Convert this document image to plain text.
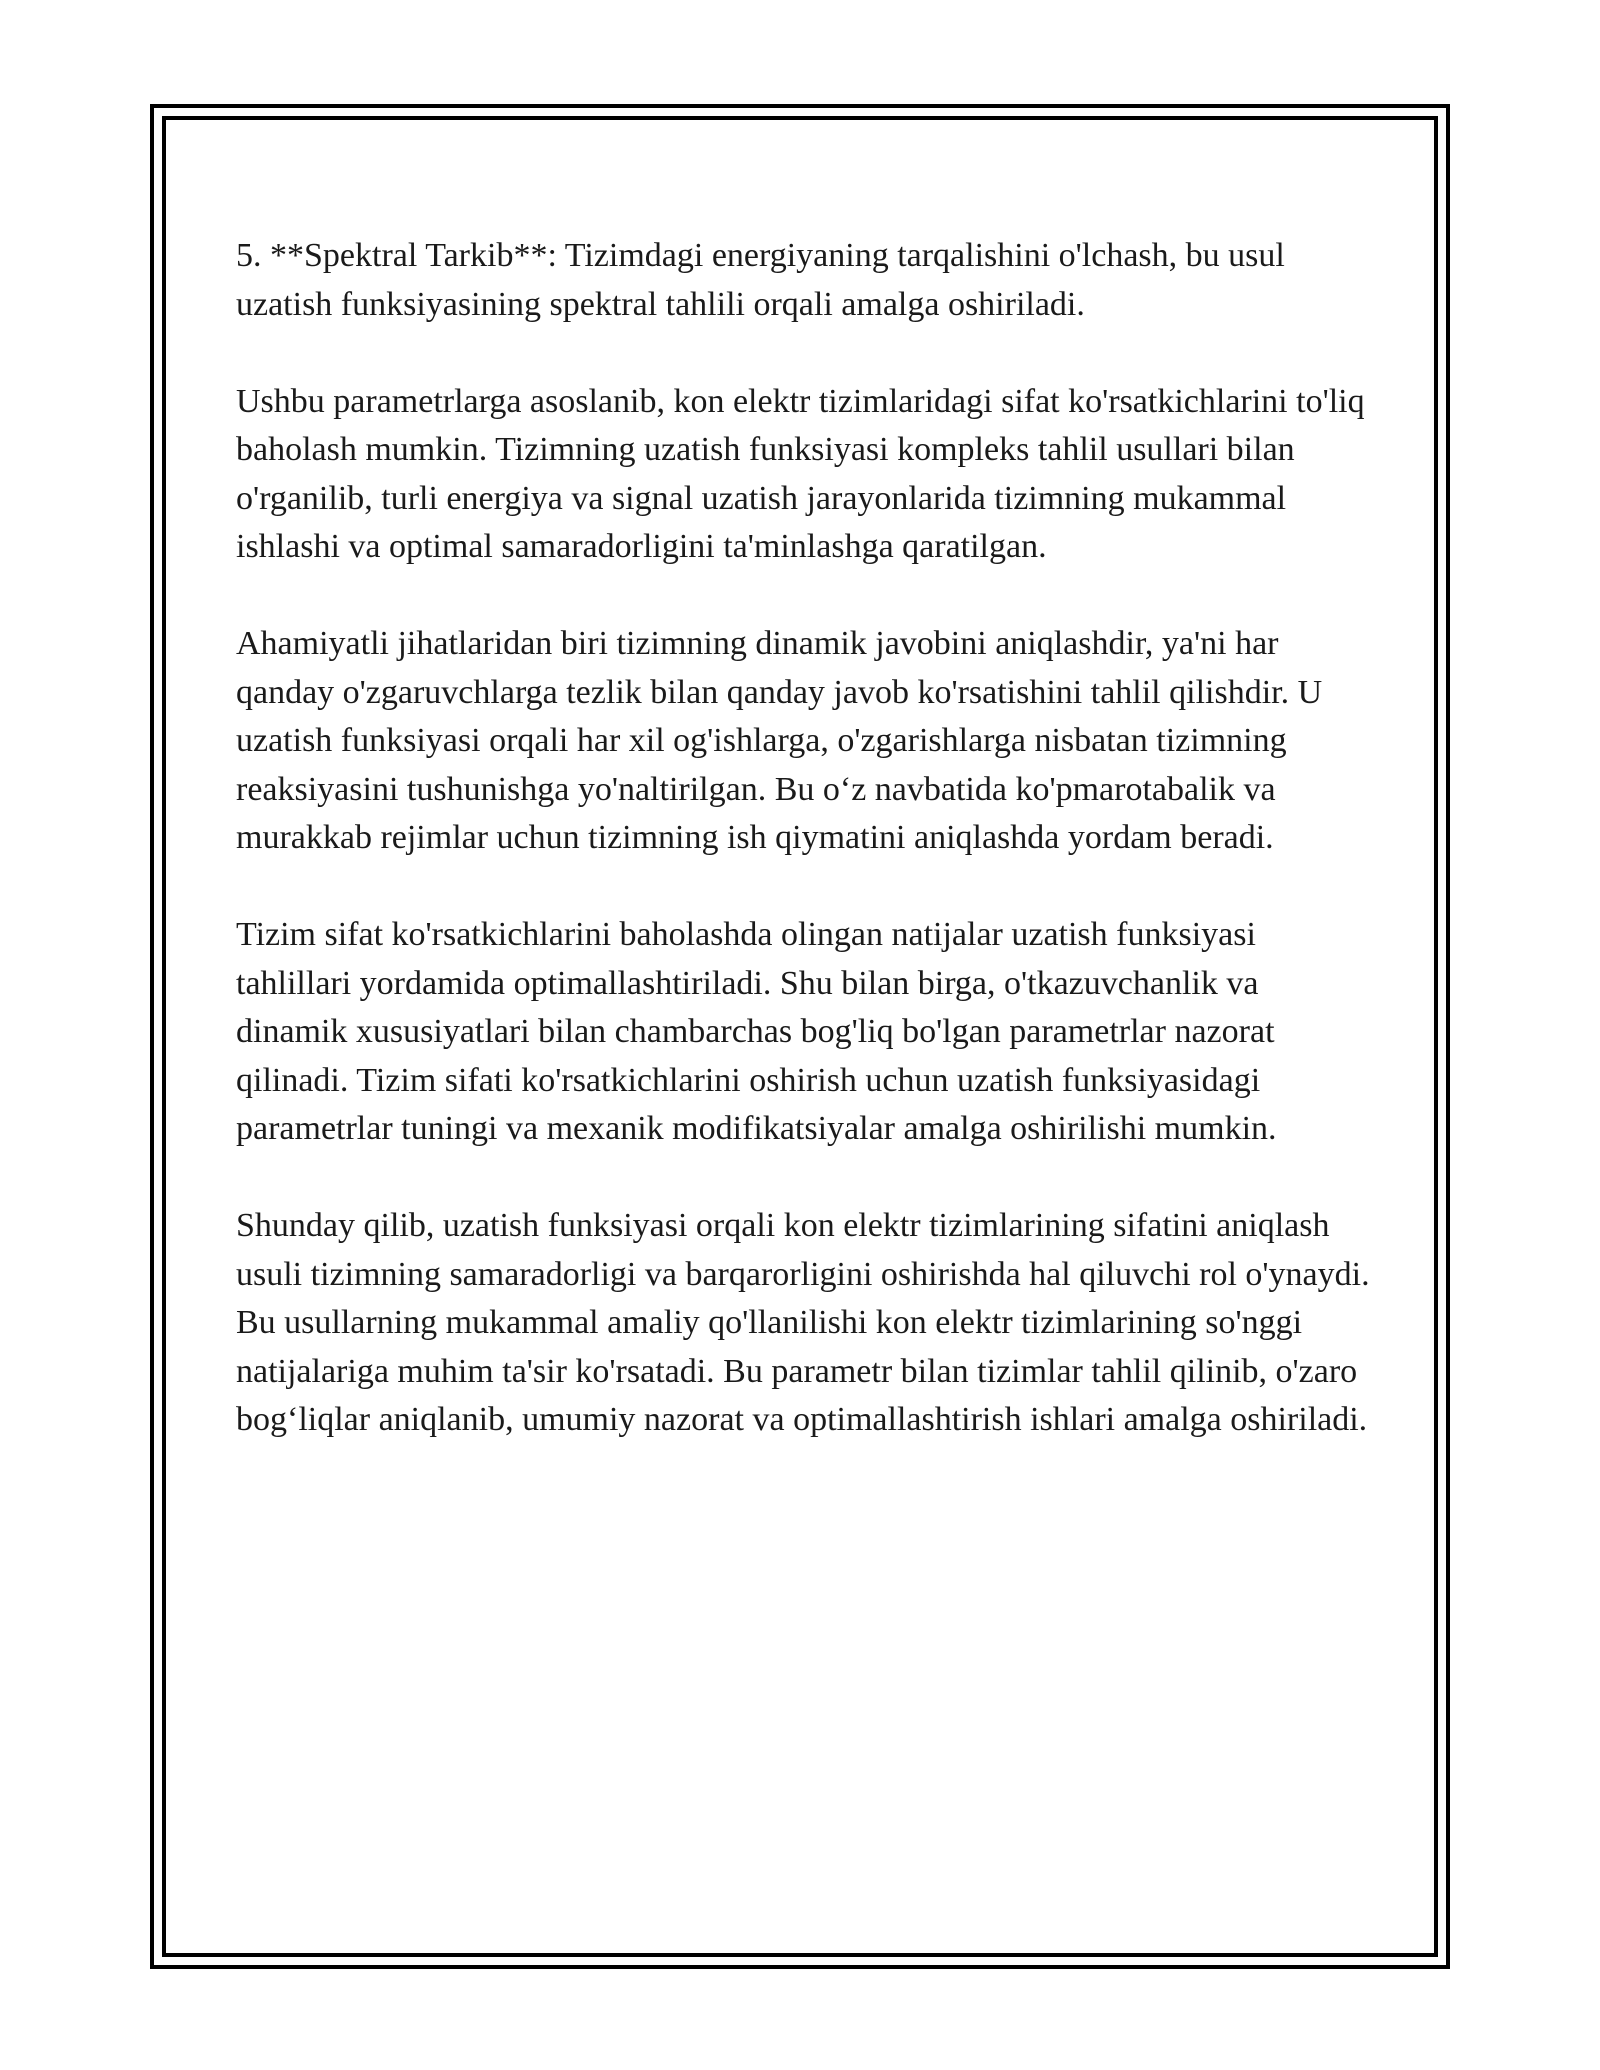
5. **Spektral Tarkib**: Tizimdagi energiyaning tarqalishini o'lchash, bu usul uzatish funksiyasining spektral tahlili orqali amalga oshiriladi.

Ushbu parametrlarga asoslanib, kon elektr tizimlaridagi sifat ko'rsatkichlarini to'liq baholash mumkin. Tizimning uzatish funksiyasi kompleks tahlil usullari bilan o'rganilib, turli energiya va signal uzatish jarayonlarida tizimning mukammal ishlashi va optimal samaradorligini ta'minlashga qaratilgan.

Ahamiyatli jihatlaridan biri tizimning dinamik javobini aniqlashdir, ya'ni har qanday o'zgaruvchlarga tezlik bilan qanday javob ko'rsatishini tahlil qilishdir. U uzatish funksiyasi orqali har xil og'ishlarga, o'zgarishlarga nisbatan tizimning reaksiyasini tushunishga yo'naltirilgan. Bu o‘z navbatida ko'pmarotabalik va murakkab rejimlar uchun tizimning ish qiymatini aniqlashda yordam beradi.

Tizim sifat ko'rsatkichlarini baholashda olingan natijalar uzatish funksiyasi tahlillari yordamida optimallashtiriladi. Shu bilan birga, o'tkazuvchanlik va dinamik xususiyatlari bilan chambarchas bog'liq bo'lgan parametrlar nazorat qilinadi. Tizim sifati ko'rsatkichlarini oshirish uchun uzatish funksiyasidagi parametrlar tuningi va mexanik modifikatsiyalar amalga oshirilishi mumkin.

Shunday qilib, uzatish funksiyasi orqali kon elektr tizimlarining sifatini aniqlash usuli tizimning samaradorligi va barqarorligini oshirishda hal qiluvchi rol o'ynaydi. Bu usullarning mukammal amaliy qo'llanilishi kon elektr tizimlarining so'nggi natijalariga muhim ta'sir ko'rsatadi. Bu parametr bilan tizimlar tahlil qilinib, o'zaro bog‘liqlar aniqlanib, umumiy nazorat va optimallashtirish ishlari amalga oshiriladi.
